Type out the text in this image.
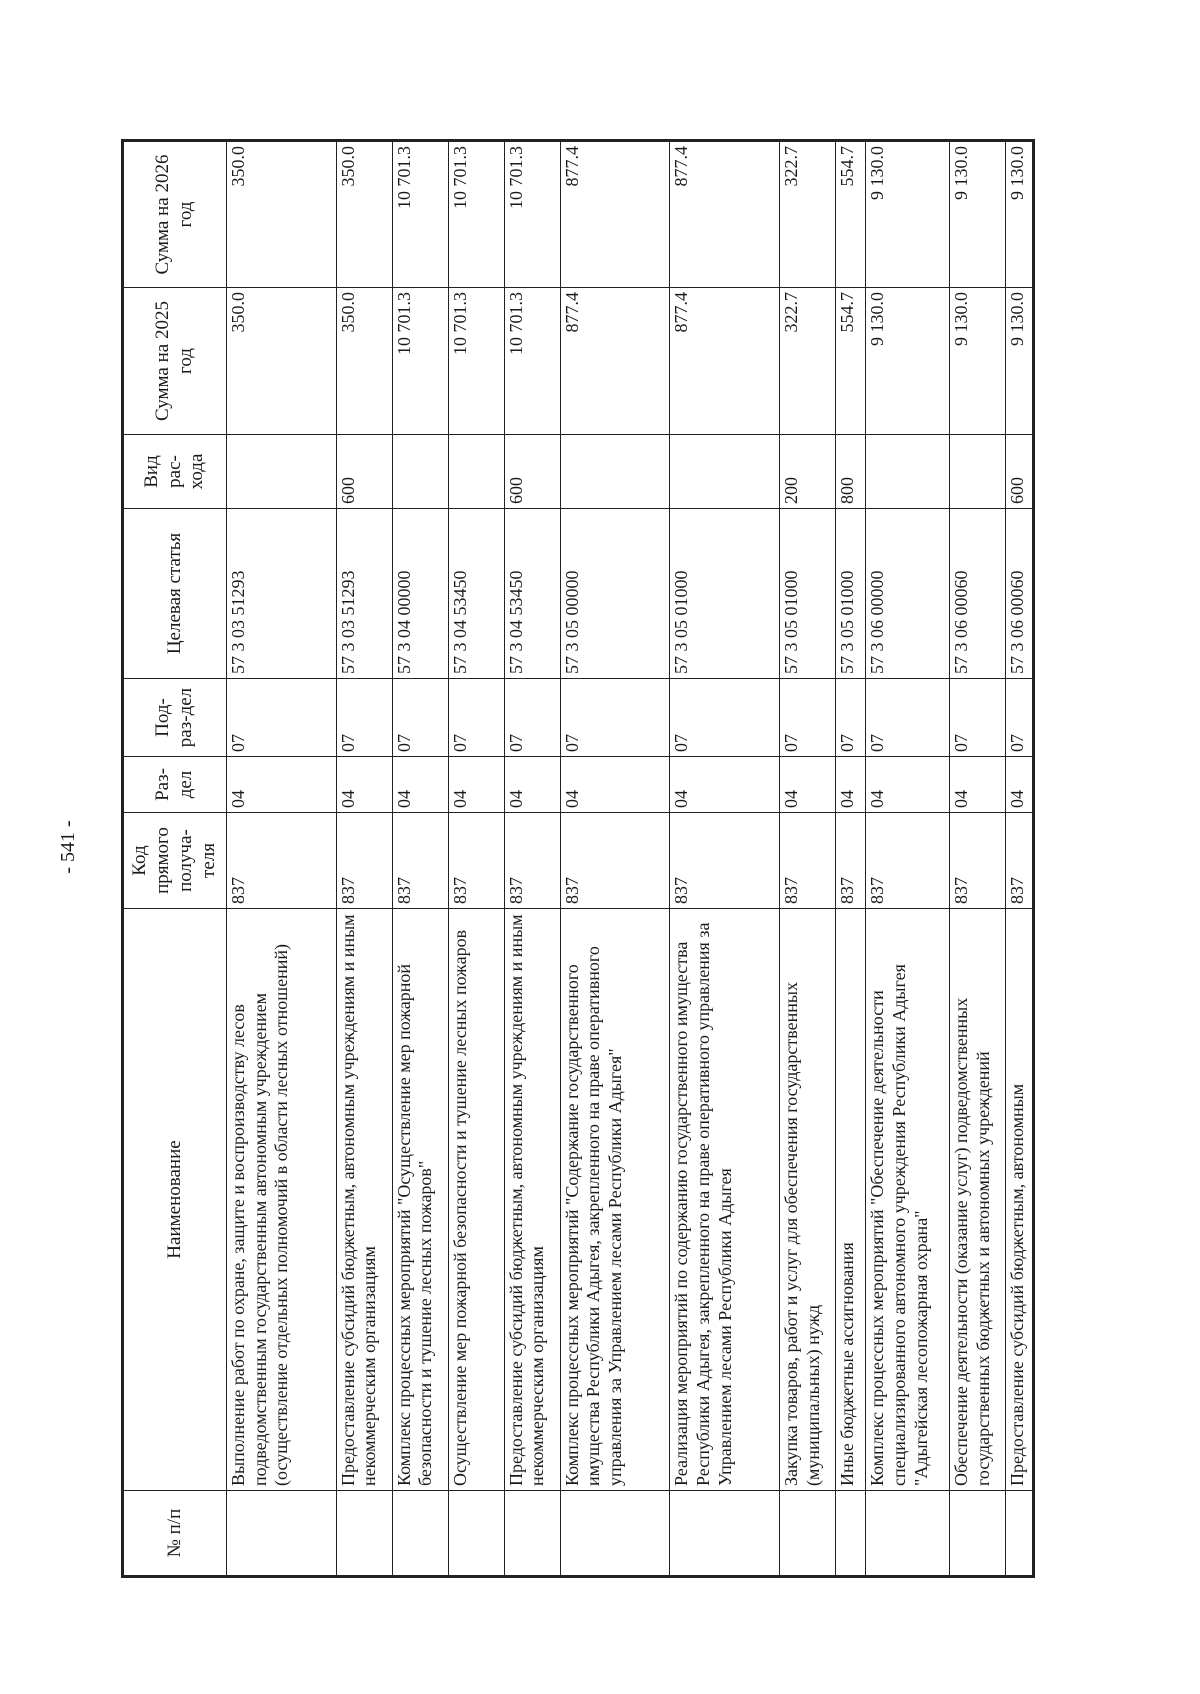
- 541 -
№ п/п	Наименование	Код прямого получа-теля	Раз-дел	Под-раз-дел	Целевая статья	Вид рас-хода	Сумма на 2025 год	Сумма на 2026 год
	Выполнение работ по охране, защите и воспроизводству лесов подведомственным государственным автономным учреждением (осуществление отдельных полномочий в области лесных отношений)	837	04	07	57 3 03 51293		350.0	350.0
	Предоставление субсидий бюджетным, автономным учреждениям и иным некоммерческим организациям	837	04	07	57 3 03 51293	600	350.0	350.0
	Комплекс процессных мероприятий "Осуществление мер пожарной безопасности и тушение лесных пожаров"	837	04	07	57 3 04 00000		10 701.3	10 701.3
	Осуществление мер пожарной безопасности и тушение лесных пожаров	837	04	07	57 3 04 53450		10 701.3	10 701.3
	Предоставление субсидий бюджетным, автономным учреждениям и иным некоммерческим организациям	837	04	07	57 3 04 53450	600	10 701.3	10 701.3
	Комплекс процессных мероприятий "Содержание государственного имущества Республики Адыгея, закрепленного на праве оперативного управления за Управлением лесами Республики Адыгея"	837	04	07	57 3 05 00000		877.4	877.4
	Реализация мероприятий по содержанию государственного имущества Республики Адыгея, закрепленного на праве оперативного управления за Управлением лесами Республики Адыгея	837	04	07	57 3 05 01000		877.4	877.4
	Закупка товаров, работ и услуг для обеспечения государственных (муниципальных) нужд	837	04	07	57 3 05 01000	200	322.7	322.7
	Иные бюджетные ассигнования	837	04	07	57 3 05 01000	800	554.7	554.7
	Комплекс процессных мероприятий "Обеспечение деятельности специализированного автономного учреждения Республики Адыгея "Адыгейская лесопожарная охрана"	837	04	07	57 3 06 00000		9 130.0	9 130.0
	Обеспечение деятельности (оказание услуг) подведомственных государственных бюджетных и автономных учреждений	837	04	07	57 3 06 00060		9 130.0	9 130.0
	Предоставление субсидий бюджетным, автономным	837	04	07	57 3 06 00060	600	9 130.0	9 130.0
